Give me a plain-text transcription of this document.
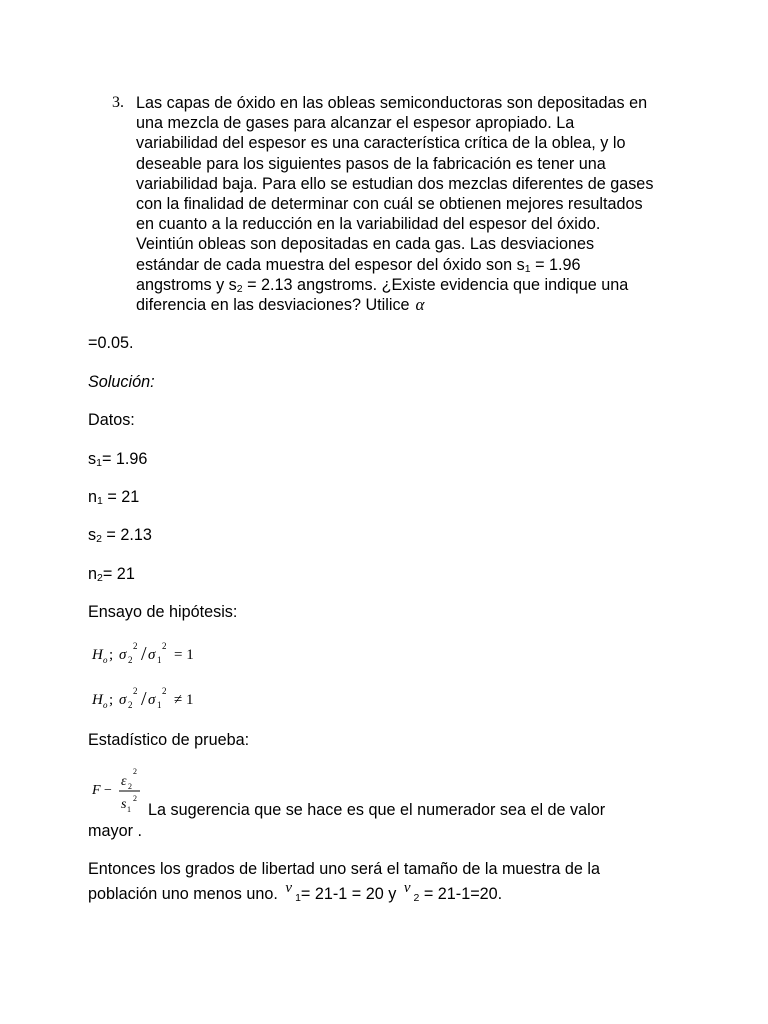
3. Las capas de óxido en las obleas semiconductoras son depositadas en
una mezcla de gases para alcanzar el espesor apropiado. La
variabilidad del espesor es una característica crítica de la oblea, y lo
deseable para los siguientes pasos de la fabricación es tener una
variabilidad baja. Para ello se estudian dos mezclas diferentes de gases
con la finalidad de determinar con cuál se obtienen mejores resultados
en cuanto a la reducción en la variabilidad del espesor del óxido.
Veintiún obleas son depositadas en cada gas. Las desviaciones
estándar de cada muestra del espesor del óxido son $s_1 = 1.96$
angstroms y $s_2 = 2.13$ angstroms. ¿Existe evidencia que indique una
diferencia en las desviaciones? Utilice α
=0.05.
Solución:
Datos:
$s_1= 1.96$
$n_1 = 21$
$s_2 = 2.13$
$n_2= 21$
Ensayo de hipótesis:
H o ; σ 2
2 / σ 1
2
= 1
H o ; σ 2
2 / σ 1
2
≠ 1
Estadístico de prueba:
F −
ε 2
2
s 1
2
La sugerencia que se hace es que el numerador sea el de valor
mayor .
Entonces los grados de libertad uno será el tamaño de la muestra de la
población uno menos uno. $\nu_1= 21-1 = 20$ y $\nu_2 = 21-1=20$.
